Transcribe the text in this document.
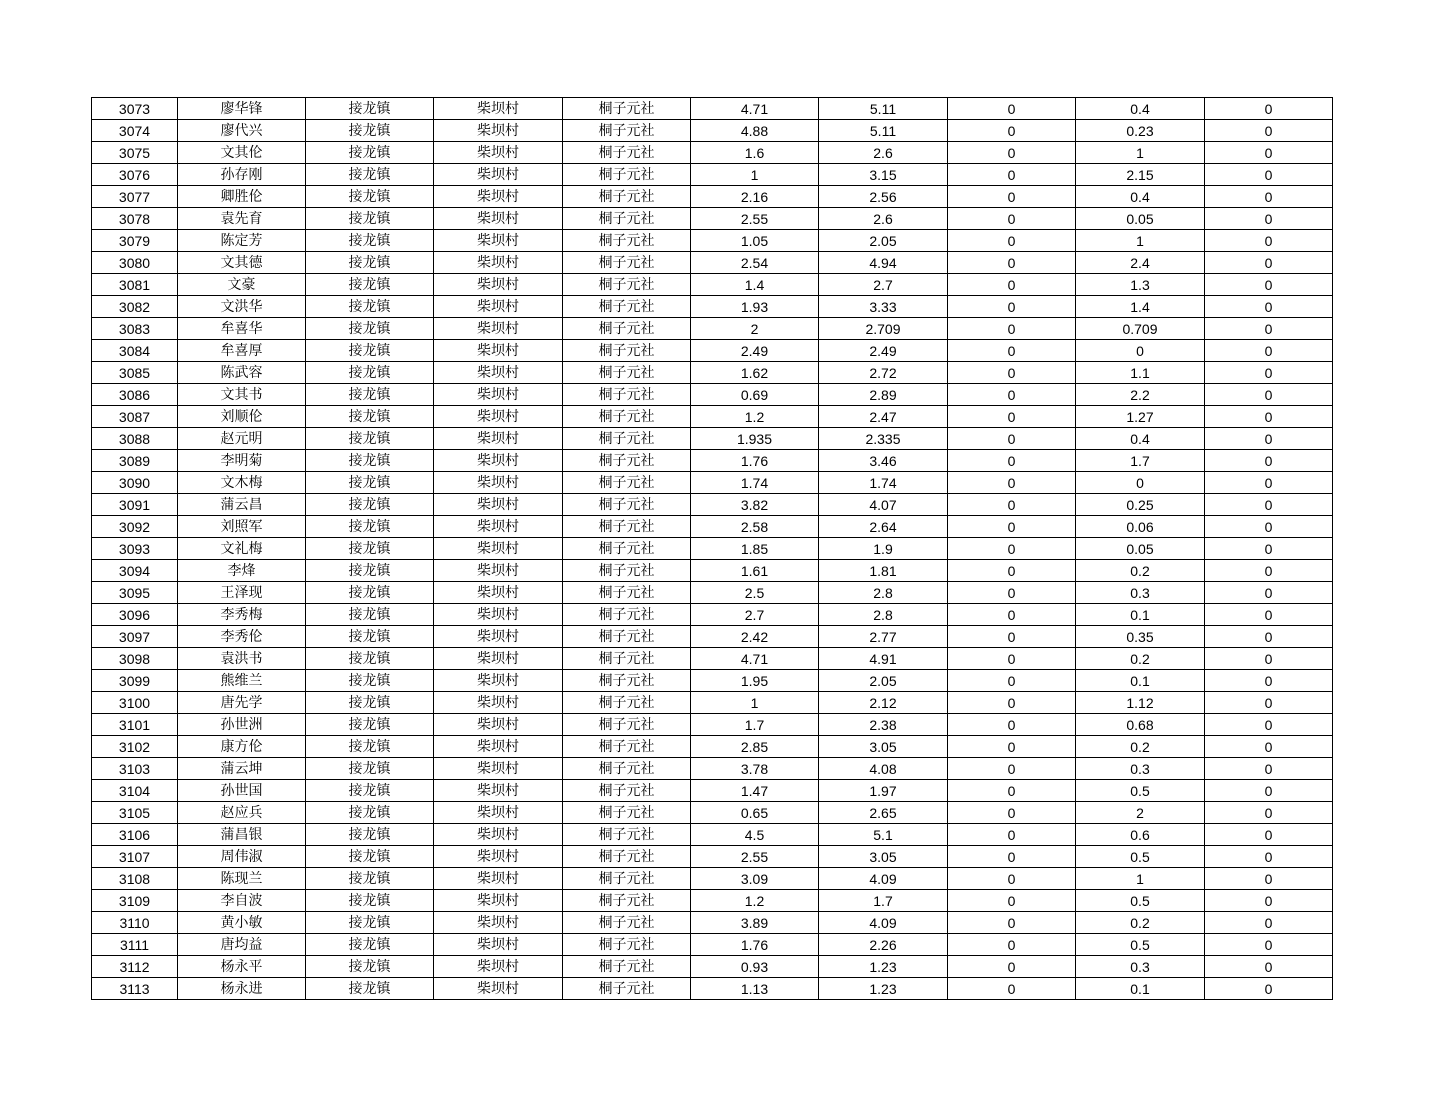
3073	廖华锋	接龙镇	柴坝村	桐子元社	4.71	5.11	0	0.4	0
3074	廖代兴	接龙镇	柴坝村	桐子元社	4.88	5.11	0	0.23	0
3075	文其伦	接龙镇	柴坝村	桐子元社	1.6	2.6	0	1	0
3076	孙存刚	接龙镇	柴坝村	桐子元社	1	3.15	0	2.15	0
3077	卿胜伦	接龙镇	柴坝村	桐子元社	2.16	2.56	0	0.4	0
3078	袁先育	接龙镇	柴坝村	桐子元社	2.55	2.6	0	0.05	0
3079	陈定芳	接龙镇	柴坝村	桐子元社	1.05	2.05	0	1	0
3080	文其德	接龙镇	柴坝村	桐子元社	2.54	4.94	0	2.4	0
3081	文豪	接龙镇	柴坝村	桐子元社	1.4	2.7	0	1.3	0
3082	文洪华	接龙镇	柴坝村	桐子元社	1.93	3.33	0	1.4	0
3083	牟喜华	接龙镇	柴坝村	桐子元社	2	2.709	0	0.709	0
3084	牟喜厚	接龙镇	柴坝村	桐子元社	2.49	2.49	0	0	0
3085	陈武容	接龙镇	柴坝村	桐子元社	1.62	2.72	0	1.1	0
3086	文其书	接龙镇	柴坝村	桐子元社	0.69	2.89	0	2.2	0
3087	刘顺伦	接龙镇	柴坝村	桐子元社	1.2	2.47	0	1.27	0
3088	赵元明	接龙镇	柴坝村	桐子元社	1.935	2.335	0	0.4	0
3089	李明菊	接龙镇	柴坝村	桐子元社	1.76	3.46	0	1.7	0
3090	文木梅	接龙镇	柴坝村	桐子元社	1.74	1.74	0	0	0
3091	蒲云昌	接龙镇	柴坝村	桐子元社	3.82	4.07	0	0.25	0
3092	刘照军	接龙镇	柴坝村	桐子元社	2.58	2.64	0	0.06	0
3093	文礼梅	接龙镇	柴坝村	桐子元社	1.85	1.9	0	0.05	0
3094	李烽	接龙镇	柴坝村	桐子元社	1.61	1.81	0	0.2	0
3095	王泽现	接龙镇	柴坝村	桐子元社	2.5	2.8	0	0.3	0
3096	李秀梅	接龙镇	柴坝村	桐子元社	2.7	2.8	0	0.1	0
3097	李秀伦	接龙镇	柴坝村	桐子元社	2.42	2.77	0	0.35	0
3098	袁洪书	接龙镇	柴坝村	桐子元社	4.71	4.91	0	0.2	0
3099	熊维兰	接龙镇	柴坝村	桐子元社	1.95	2.05	0	0.1	0
3100	唐先学	接龙镇	柴坝村	桐子元社	1	2.12	0	1.12	0
3101	孙世洲	接龙镇	柴坝村	桐子元社	1.7	2.38	0	0.68	0
3102	康方伦	接龙镇	柴坝村	桐子元社	2.85	3.05	0	0.2	0
3103	蒲云坤	接龙镇	柴坝村	桐子元社	3.78	4.08	0	0.3	0
3104	孙世国	接龙镇	柴坝村	桐子元社	1.47	1.97	0	0.5	0
3105	赵应兵	接龙镇	柴坝村	桐子元社	0.65	2.65	0	2	0
3106	蒲昌银	接龙镇	柴坝村	桐子元社	4.5	5.1	0	0.6	0
3107	周伟淑	接龙镇	柴坝村	桐子元社	2.55	3.05	0	0.5	0
3108	陈现兰	接龙镇	柴坝村	桐子元社	3.09	4.09	0	1	0
3109	李自波	接龙镇	柴坝村	桐子元社	1.2	1.7	0	0.5	0
3110	黄小敏	接龙镇	柴坝村	桐子元社	3.89	4.09	0	0.2	0
3111	唐均益	接龙镇	柴坝村	桐子元社	1.76	2.26	0	0.5	0
3112	杨永平	接龙镇	柴坝村	桐子元社	0.93	1.23	0	0.3	0
3113	杨永进	接龙镇	柴坝村	桐子元社	1.13	1.23	0	0.1	0
